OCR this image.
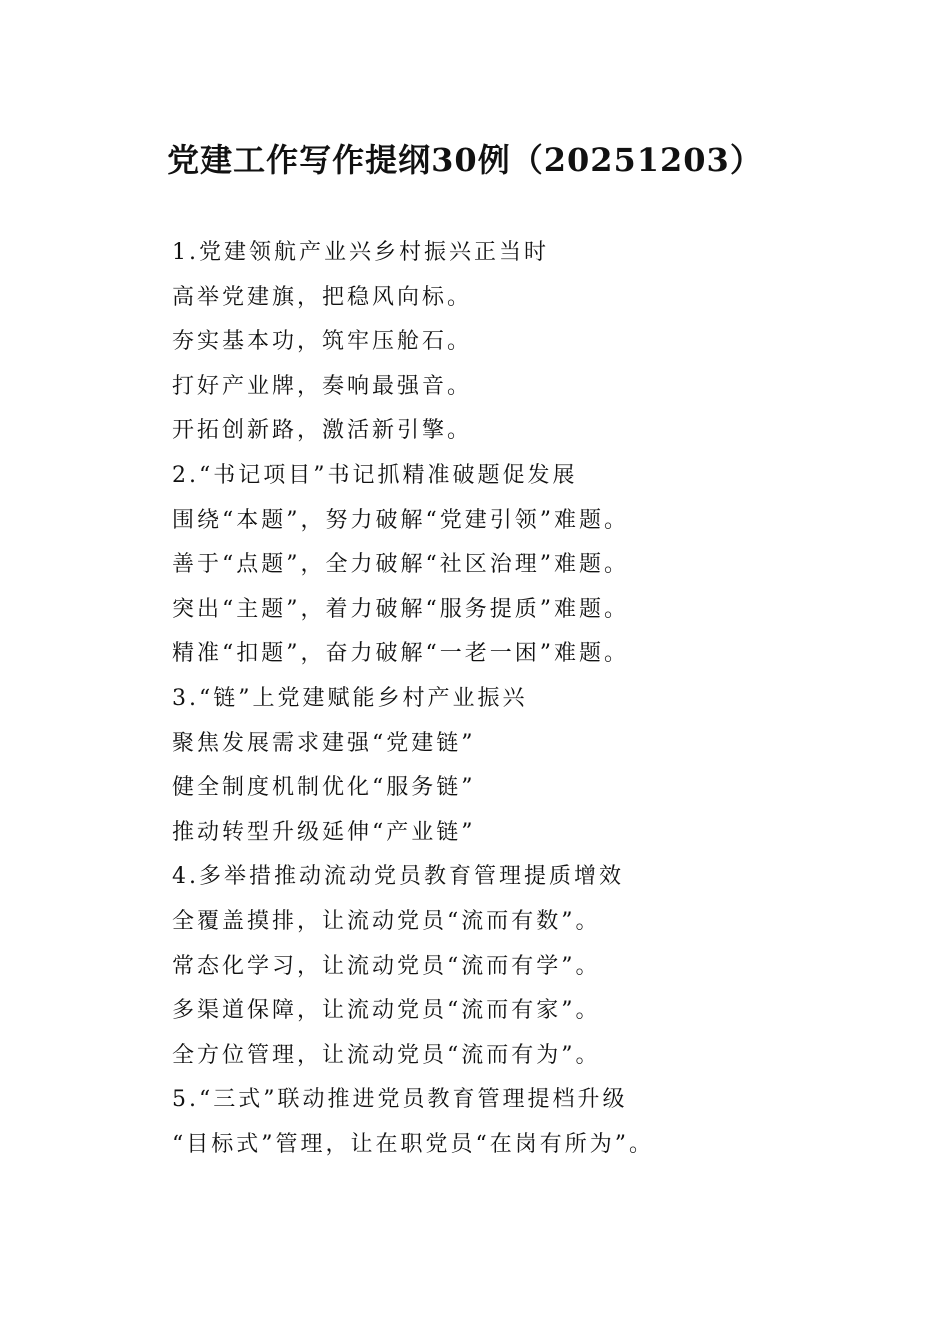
党建工作写作提纲30例（20251203）
1.党建领航产业兴乡村振兴正当时
高举党建旗，把稳风向标。
夯实基本功，筑牢压舱石。
打好产业牌，奏响最强音。
开拓创新路，激活新引擎。
2.“书记项目”书记抓精准破题促发展
围绕“本题”，努力破解“党建引领”难题。
善于“点题”，全力破解“社区治理”难题。
突出“主题”，着力破解“服务提质”难题。
精准“扣题”，奋力破解“一老一困”难题。
3.“链”上党建赋能乡村产业振兴
聚焦发展需求建强“党建链”
健全制度机制优化“服务链”
推动转型升级延伸“产业链”
4.多举措推动流动党员教育管理提质增效
全覆盖摸排，让流动党员“流而有数”。
常态化学习，让流动党员“流而有学”。
多渠道保障，让流动党员“流而有家”。
全方位管理，让流动党员“流而有为”。
5.“三式”联动推进党员教育管理提档升级
“目标式”管理，让在职党员“在岗有所为”。
